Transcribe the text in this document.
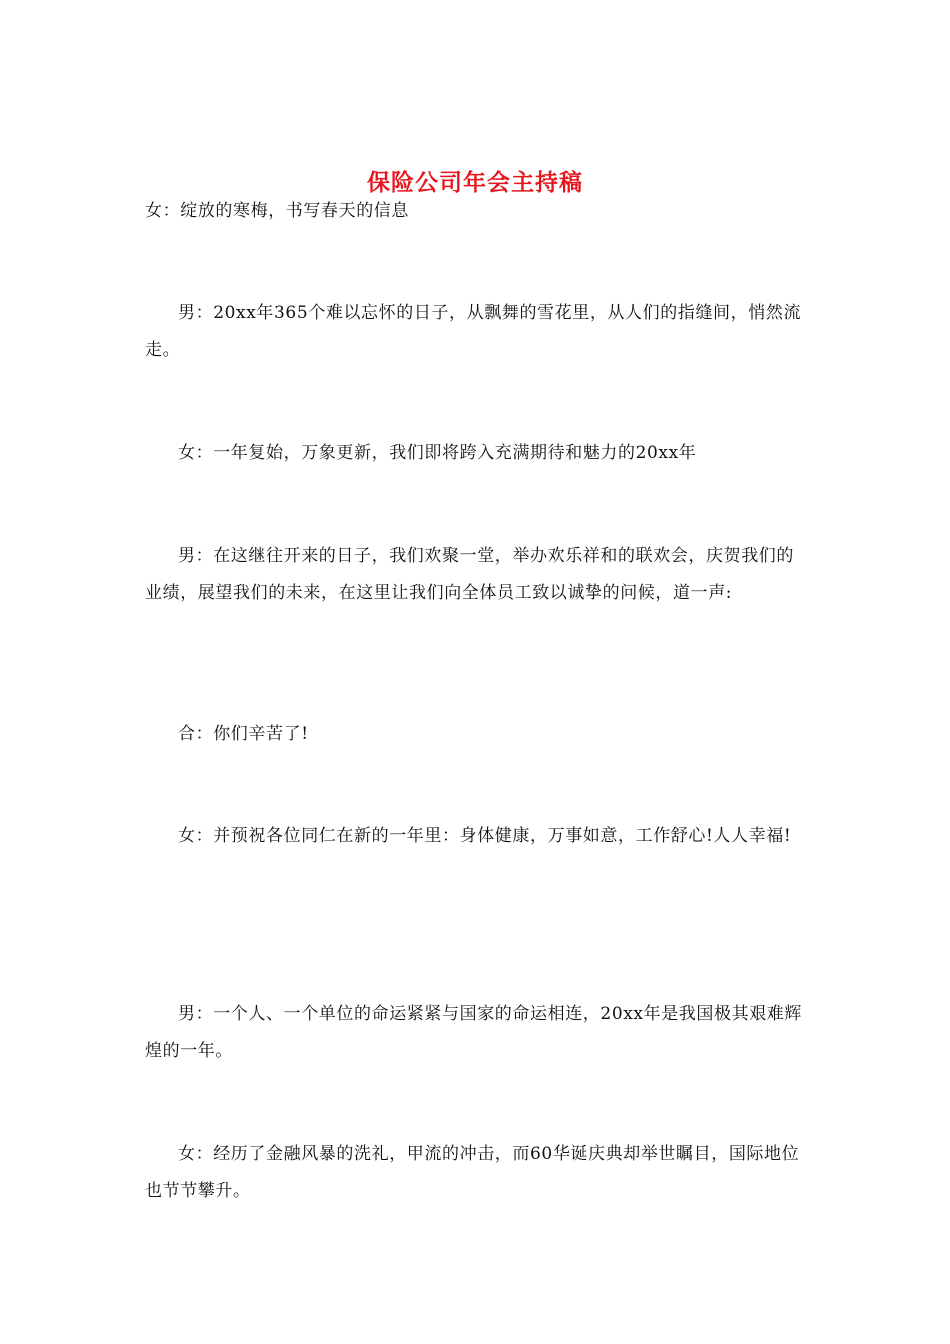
保险公司年会主持稿

女：绽放的寒梅，书写春天的信息

男：20xx年365个难以忘怀的日子，从飘舞的雪花里，从人们的指缝间，悄然流走。

女：一年复始，万象更新，我们即将跨入充满期待和魅力的20xx年

男：在这继往开来的日子，我们欢聚一堂，举办欢乐祥和的联欢会，庆贺我们的业绩，展望我们的未来，在这里让我们向全体员工致以诚挚的问候，道一声:

合：你们辛苦了!

女：并预祝各位同仁在新的一年里：身体健康，万事如意，工作舒心!人人幸福!

男：一个人、一个单位的命运紧紧与国家的命运相连，20xx年是我国极其艰难辉煌的一年。

女：经历了金融风暴的洗礼，甲流的冲击，而60华诞庆典却举世瞩目，国际地位也节节攀升。
